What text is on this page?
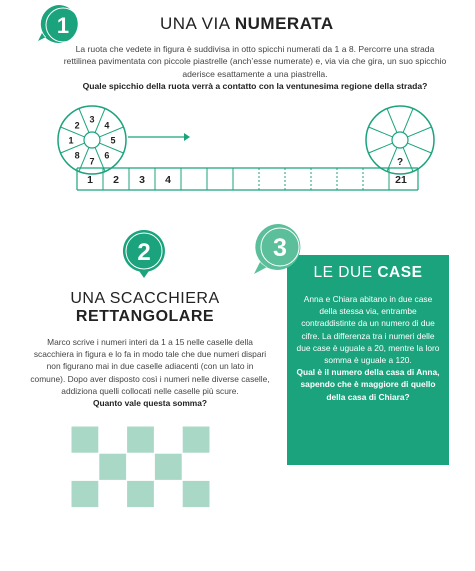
1	UNA VIA NUMERATA
La ruota che vedete in figura è suddivisa in otto spicchi numerati da 1 a 8. Percorre una strada rettilinea pavimentata con piccole piastrelle (anch’esse numerate) e, via via che gira, un suo spicchio aderisce esattamente a una piastrella.
Quale spicchio della ruota verrà a contatto con la ventunesima regione della strada?
3
4
5
6
7
8
1
2
?
1	2	3	4	21
2
UNA SCACCHIERA
RETTANGOLARE
Marco scrive i numeri interi da 1 a 15 nelle caselle della scacchiera in figura e lo fa in modo tale che due numeri dispari non figurano mai in due caselle adiacenti (con un lato in comune). Dopo aver disposto così i numeri nelle diverse caselle, addiziona quelli collocati nelle caselle più scure.
Quanto vale questa somma?
3
LE DUE CASE
Anna e Chiara abitano in due case della stessa via, entrambe contraddistinte da un numero di due cifre. La differenza tra i numeri delle due case è uguale a 20, mentre la loro somma è uguale a 120.
Qual è il numero della casa di Anna, sapendo che è maggiore di quello della casa di Chiara?
